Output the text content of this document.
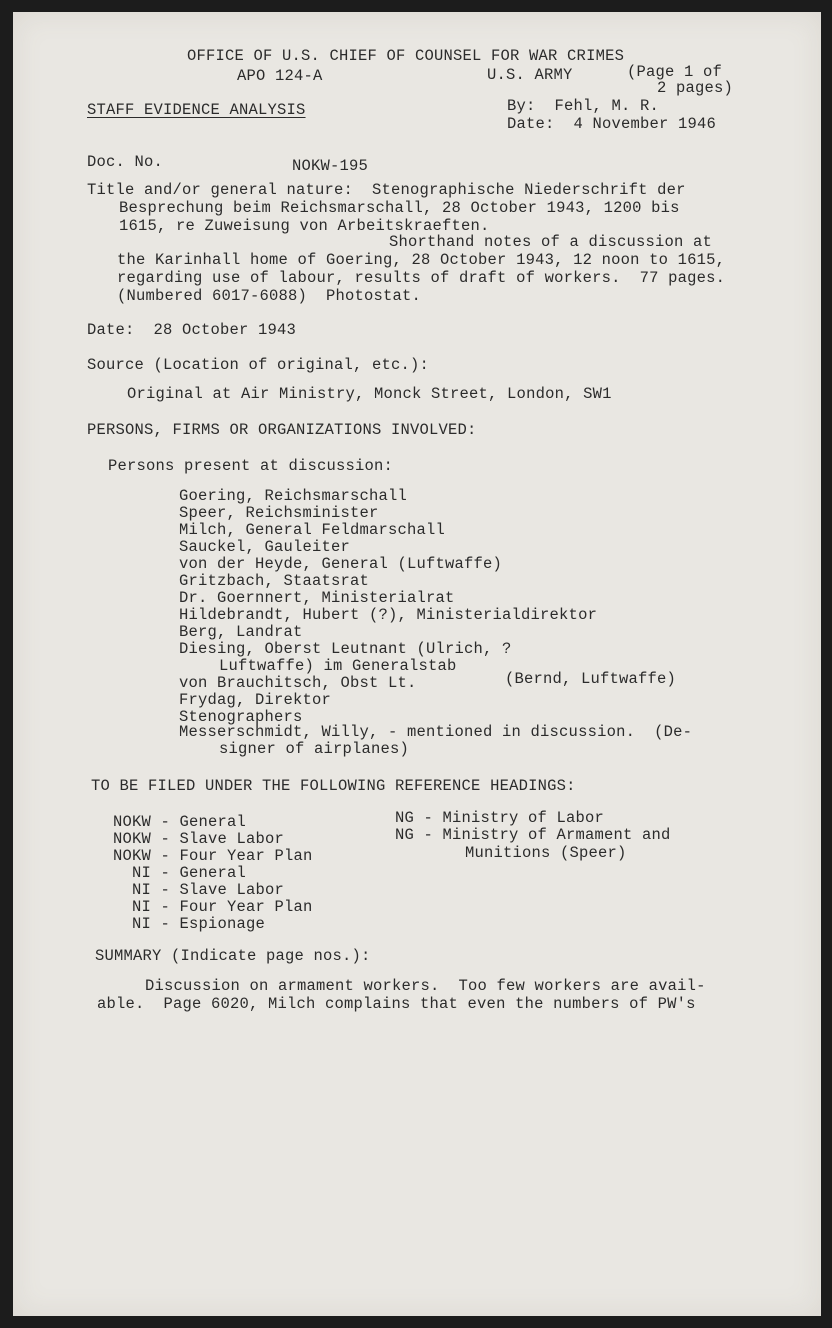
OFFICE OF U.S. CHIEF OF COUNSEL FOR WAR CRIMES
APO 124-A	U.S. ARMY	(Page 1 of
2 pages)
STAFF EVIDENCE ANALYSIS	By:  Fehl, M. R.
Date:  4 November 1946
Doc. No.	NOKW-195
Title and/or general nature:  Stenographische Niederschrift der
Besprechung beim Reichsmarschall, 28 October 1943, 1200 bis
1615, re Zuweisung von Arbeitskraeften.
Shorthand notes of a discussion at
the Karinhall home of Goering, 28 October 1943, 12 noon to 1615,
regarding use of labour, results of draft of workers.  77 pages.
(Numbered 6017-6088)  Photostat.
Date:  28 October 1943
Source (Location of original, etc.):
Original at Air Ministry, Monck Street, London, SW1
PERSONS, FIRMS OR ORGANIZATIONS INVOLVED:
Persons present at discussion:
Goering, Reichsmarschall
Speer, Reichsminister
Milch, General Feldmarschall
Sauckel, Gauleiter
von der Heyde, General (Luftwaffe)
Gritzbach, Staatsrat
Dr. Goernnert, Ministerialrat
Hildebrandt, Hubert (?), Ministerialdirektor
Berg, Landrat
Diesing, Oberst Leutnant (Ulrich, ?
Luftwaffe) im Generalstab
von Brauchitsch, Obst Lt.	(Bernd, Luftwaffe)
Frydag, Direktor
Stenographers
Messerschmidt, Willy, - mentioned in discussion.  (De-
signer of airplanes)
TO BE FILED UNDER THE FOLLOWING REFERENCE HEADINGS:
NOKW - General
NOKW - Slave Labor
NOKW - Four Year Plan
NI - General
NI - Slave Labor
NI - Four Year Plan
NI - Espionage
NG - Ministry of Labor
NG - Ministry of Armament and
Munitions (Speer)
SUMMARY (Indicate page nos.):
Discussion on armament workers.  Too few workers are avail-
able.  Page 6020, Milch complains that even the numbers of PW's
